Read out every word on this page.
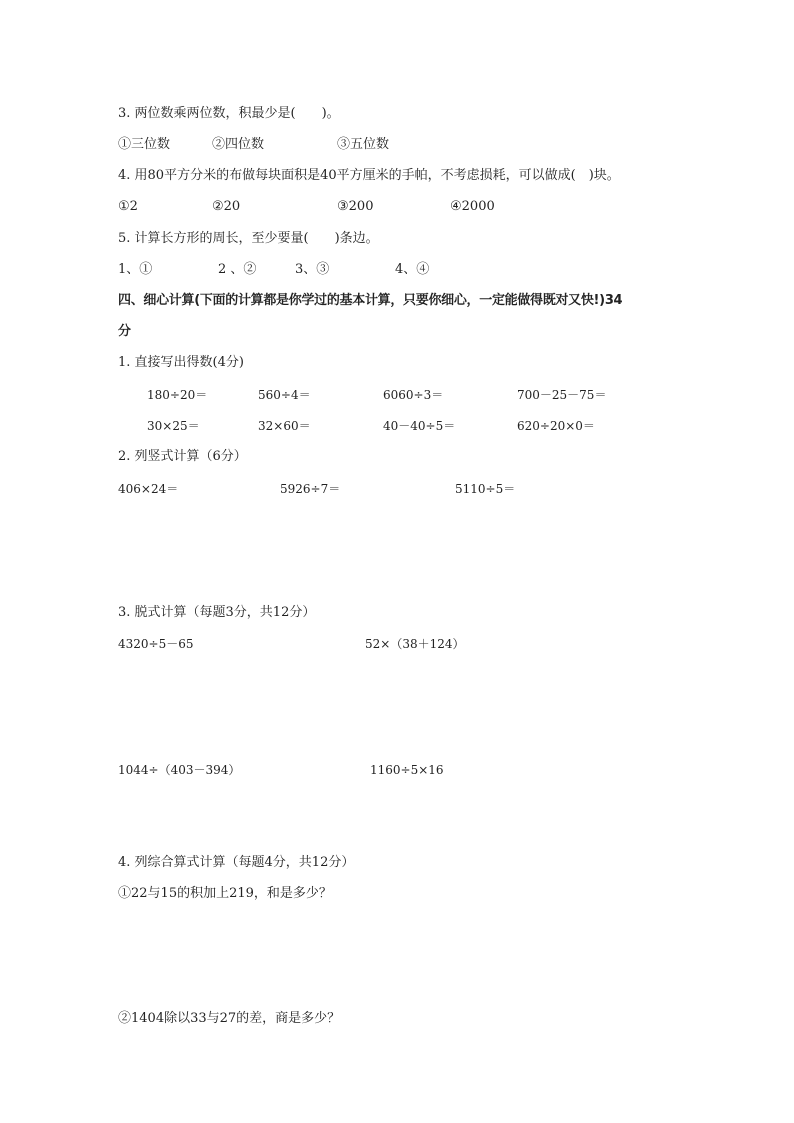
3. 两位数乘两位数，积最少是(　　)。
①三位数	②四位数	③五位数
4. 用80平方分米的布做每块面积是40平方厘米的手帕，不考虑损耗，可以做成(　)块。
①2	②20	③200	④2000
5. 计算长方形的周长，至少要量(　　)条边。
1、①	2 、②	3、③	4、④
四、细心计算(下面的计算都是你学过的基本计算，只要你细心，一定能做得既对又快!)34
分
1. 直接写出得数(4分)
180÷20＝	560÷4＝	6060÷3＝	700－25－75＝
30×25＝	32×60＝	40－40÷5＝	620÷20×0＝
2. 列竖式计算（6分）
406×24＝	5926÷7＝	5110÷5＝
3. 脱式计算（每题3分，共12分）
4320÷5－65	52×（38＋124）
1044÷（403－394）	1160÷5×16
4. 列综合算式计算（每题4分，共12分）
①22与15的积加上219，和是多少？
②1404除以33与27的差，商是多少？
